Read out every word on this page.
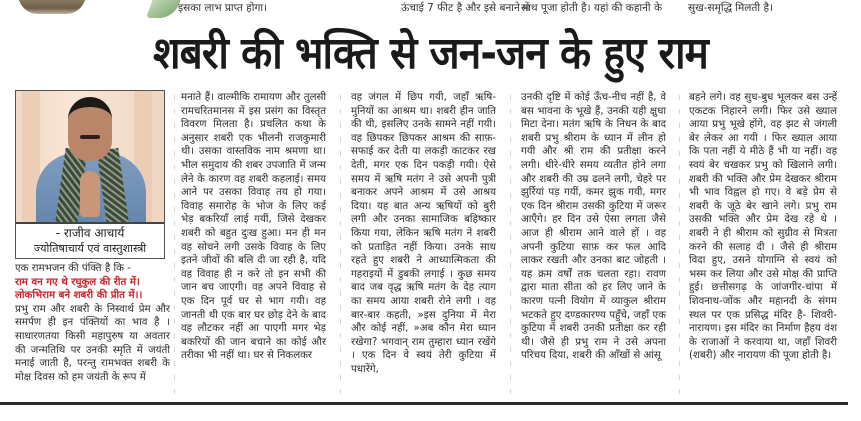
इसका लाभ प्राप्त होगा।	ऊंचाई 7 फीट है और इसे बनाने में
साथ पूजा होती है। यहां की कहानी के सुख-समृद्धि मिलती है।
शबरी की भक्ति से जन-जन के हुए राम
- राजीव आचार्य
ज्योतिषाचार्य एवं वास्तुशास्त्री

एक रामभजन की पंक्ति है कि -

राम वन गए थे रघुकुल की रीत में।

लोकभिराम बने शबरी की प्रीत में।।

प्रभु राम और शबरी के निस्वार्थ प्रेम और समर्पण ही इन पंक्तियों का भाव है । साधारणतया किसी महापुरुष या अवतार की जन्मतिथि पर उनकी स्मृति में जयंती मनाई जाती है, परन्तु रामभक्त शबरी के मोक्ष दिवस को हम जयंती के रूप में

मनाते हैं। वाल्मीकि रामायण और तुलसी रामचरितमानस में इस प्रसंग का विस्तृत विवरण मिलता है। प्रचलित कथा के अनुसार शबरी एक भीलनी राजकुमारी थी। उसका वास्तविक नाम श्रमणा था। भील समुदाय की शबर उपजाति में जन्म लेने के कारण वह शबरी कहलाई। समय आने पर उसका विवाह तय हो गया। विवाह समारोह के भोज के लिए कई भेड़ बकरियाँ लाई गयीं, जिसे देखकर शबरी को बहुत दुःख हुआ। मन ही मन वह सोचने लगी उसके विवाह के लिए इतने जीवों की बलि दी जा रही है, यदि वह विवाह ही न करे तो इन सभी की जान बच जाएगी। वह अपने विवाह से एक दिन पूर्व घर से भाग गयी। वह जानती थी एक बार घर छोड़ देने के बाद वह लौटकर नहीं आ पाएगी मगर भेड़ बकरियों की जान बचाने का कोई और तरीका भी नहीं था। घर से निकलकर

वह जंगल में छिप गयी, जहाँ ऋषि-मुनियों का आश्रम था। शबरी हीन जाति की थी, इसलिए उनके सामने नहीं गयी। वह छिपकर छिपकर आश्रम की साफ़-सफाई कर देती या लकड़ी काटकर रख देती, मगर एक दिन पकड़ी गयी। ऐसे समय में ऋषि मतंग ने उसे अपनी पुत्री बनाकर अपने आश्रम में उसे आश्रय दिया। यह बात अन्य ऋषियों को बुरी लगी और उनका सामाजिक बहिष्कार किया गया, लेकिन ऋषि मतंग ने शबरी को प्रताड़ित नहीं किया। उनके साथ रहते हुए शबरी ने आध्यात्मिकता की गहराइयों में डुबकी लगाई । कुछ समय बाद जब वृद्ध ऋषि मतंग के देह त्याग का समय आया शबरी रोने लगी । वह बार-बार कहती, »इस दुनिया में मेरा और कोई नहीं, »अब कौन मेरा ध्यान रखेगा? भगवान् राम तुम्हारा ध्यान रखेंगे । एक दिन वे स्वयं तेरी कुटिया में पधारेंगे,

उनकी दृष्टि में कोई ऊँच-नीच नहीं है, वे बस भावना के भूखे हैं, उनकी यही क्षुधा मिटा देना। मतंग ऋषि के निधन के बाद शबरी प्रभु श्रीराम के ध्यान में लीन हो गयी और श्री राम की प्रतीक्षा करने लगी। धीरे-धीरे समय व्यतीत होने लगा और शबरी की उम्र ढलने लगी, चेहरे पर झुर्रियां पड़ गयीं, कमर झुक गयी, मगर एक दिन श्रीराम उसकी कुटिया में जरूर आएँगे। हर दिन उसे ऐसा लगता जैसे आज ही श्रीराम आने वाले हों । वह अपनी कुटिया साफ़ कर फल आदि लाकर रखती और उनका बाट जोहती । यह क्रम वर्षों तक चलता रहा। रावण द्वारा माता सीता को हर लिए जाने के कारण पत्नी वियोग में व्याकुल श्रीराम भटकते हुए दण्डकारण्य पहुँचे, जहाँ एक कुटिया में शबरी उनकी प्रतीक्षा कर रही थी। जैसे ही प्रभु राम ने उसे अपना परिचय दिया, शबरी की आँखों से आंसू

बहने लगे। वह सुध-बुध भूलकर बस उन्हें एकटक निहारने लगी। फिर उसे ख्याल आया प्रभु भूखे होंगे, वह झट से जंगली बेर लेकर आ गयी । फिर ख्याल आया कि पता नहीं ये मीठे हैं भी या नहीं। वह स्वयं बेर चखकर प्रभु को खिलाने लगी। शबरी की भक्ति और प्रेम देखकर श्रीराम भी भाव विह्वल हो गए। वे बड़े प्रेम से शबरी के जूठे बेर खाने लगे। प्रभु राम उसकी भक्ति और प्रेम देख रहे थे । शबरी ने ही श्रीराम को सुग्रीव से मित्रता करने की सलाह दी । जैसे ही श्रीराम विदा हुए, उसने योगाग्नि से स्वयं को भस्म कर लिया और उसे मोक्ष की प्राप्ति हुई। छत्तीसगढ़ के जांजगीर-चांपा में शिवनाथ-जोंक और महानदी के संगम स्थल पर एक प्रसिद्ध मंदिर है- शिवरी-नारायण। इस मंदिर का निर्माण हैहय वंश के राजाओं ने करवाया था, जहाँ शिवरी (शबरी) और नारायण की पूजा होती है।
